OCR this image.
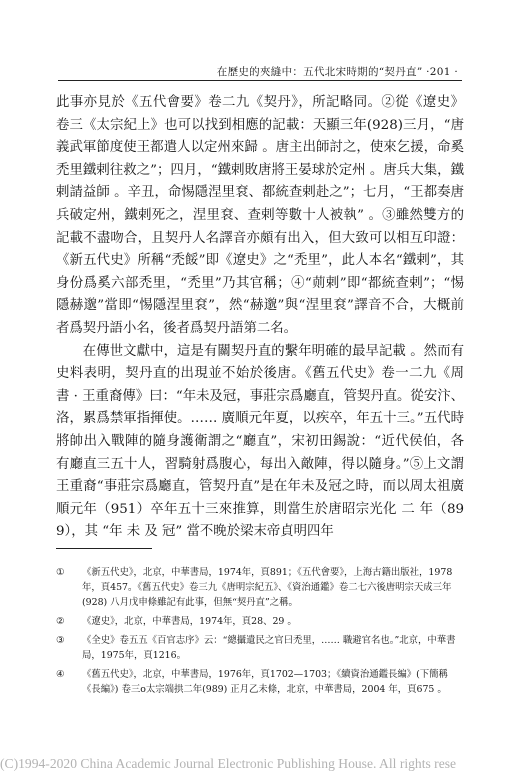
在歷史的夾縫中：五代北宋時期的“契丹直” ·201 ·

此事亦見於《五代會要》卷二九《契丹》，所記略同。②從《遼史》卷三《太宗紀上》也可以找到相應的記載：天顯三年(928)三月，“唐義武軍節度使王都遣人以定州來歸 。唐主出師討之，使來乞援，命奚禿里鐵剌往救之”；四月，“鐵剌敗唐將王晏球於定州 。唐兵大集，鐵剌請益師 。辛丑，命惕隱涅里袞、都統查剌赴之”；七月，“王都奏唐兵破定州，鐵剌死之，涅里袞、查剌等數十人被執” 。③雖然雙方的記載不盡吻合，且契丹人名譯音亦頗有出入，但大致可以相互印證：《新五代史》所稱“禿餒”即《遼史》之“禿里”，此人本名“鐵剌”，其身份爲奚六部禿里，“禿里”乃其官稱；④“荝剌”即“都統查剌”；“惕隱赫邈”當即“惕隱涅里袞”，然“赫邈”與“涅里袞”譯音不合，大概前者爲契丹語小名，後者爲契丹語第二名。

在傳世文獻中，這是有關契丹直的繫年明確的最早記載 。然而有史料表明，契丹直的出現並不始於後唐。《舊五代史》卷一二九《周書 · 王重裔傳》曰：“年未及冠，事莊宗爲廳直，管契丹直。從安汴、洛，累爲禁軍指揮使。…… 廣順元年夏，以疾卒，年五十三。”五代時將帥出入戰陣的隨身護衛謂之“廳直”，宋初田錫說：“近代侯伯，各有廳直三五十人，習騎射爲腹心，每出入敵陣，得以隨身。”⑤上文謂王重裔“事莊宗爲廳直，管契丹直”是在年未及冠之時，而以周太祖廣順元年（951）卒年五十三來推算，則當生於唐昭宗光化 二 年（899），其 “年 未 及 冠” 當不晚於梁末帝貞明四年

① 《新五代史》，北京，中華書局，1974年，頁891；《五代會要》，上海古籍出版社，1978年，頁457。《舊五代史》卷三九《唐明宗紀五》、《資治通鑑》卷二七六後唐明宗天成三年(928) 八月戊申條雖記有此事，但無“契丹直”之稱。
② 《遼史》，北京，中華書局，1974年，頁28、29 。
③ 《全史》卷五五《百官志序》云：“總攝遺民之官曰禿里，…… 職避官名也。”北京，中華書局，1975年，頁1216。
④ 《舊五代史》，北京，中華書局，1976年，頁1702—1703；《續資治通鑑長編》(下簡稱《長編》) 卷三o太宗端拱二年(989) 正月乙未條，北京，中華書局，2004 年，頁675 。
(C)1994-2020 China Academic Journal Electronic Publishing House. All rights rese
